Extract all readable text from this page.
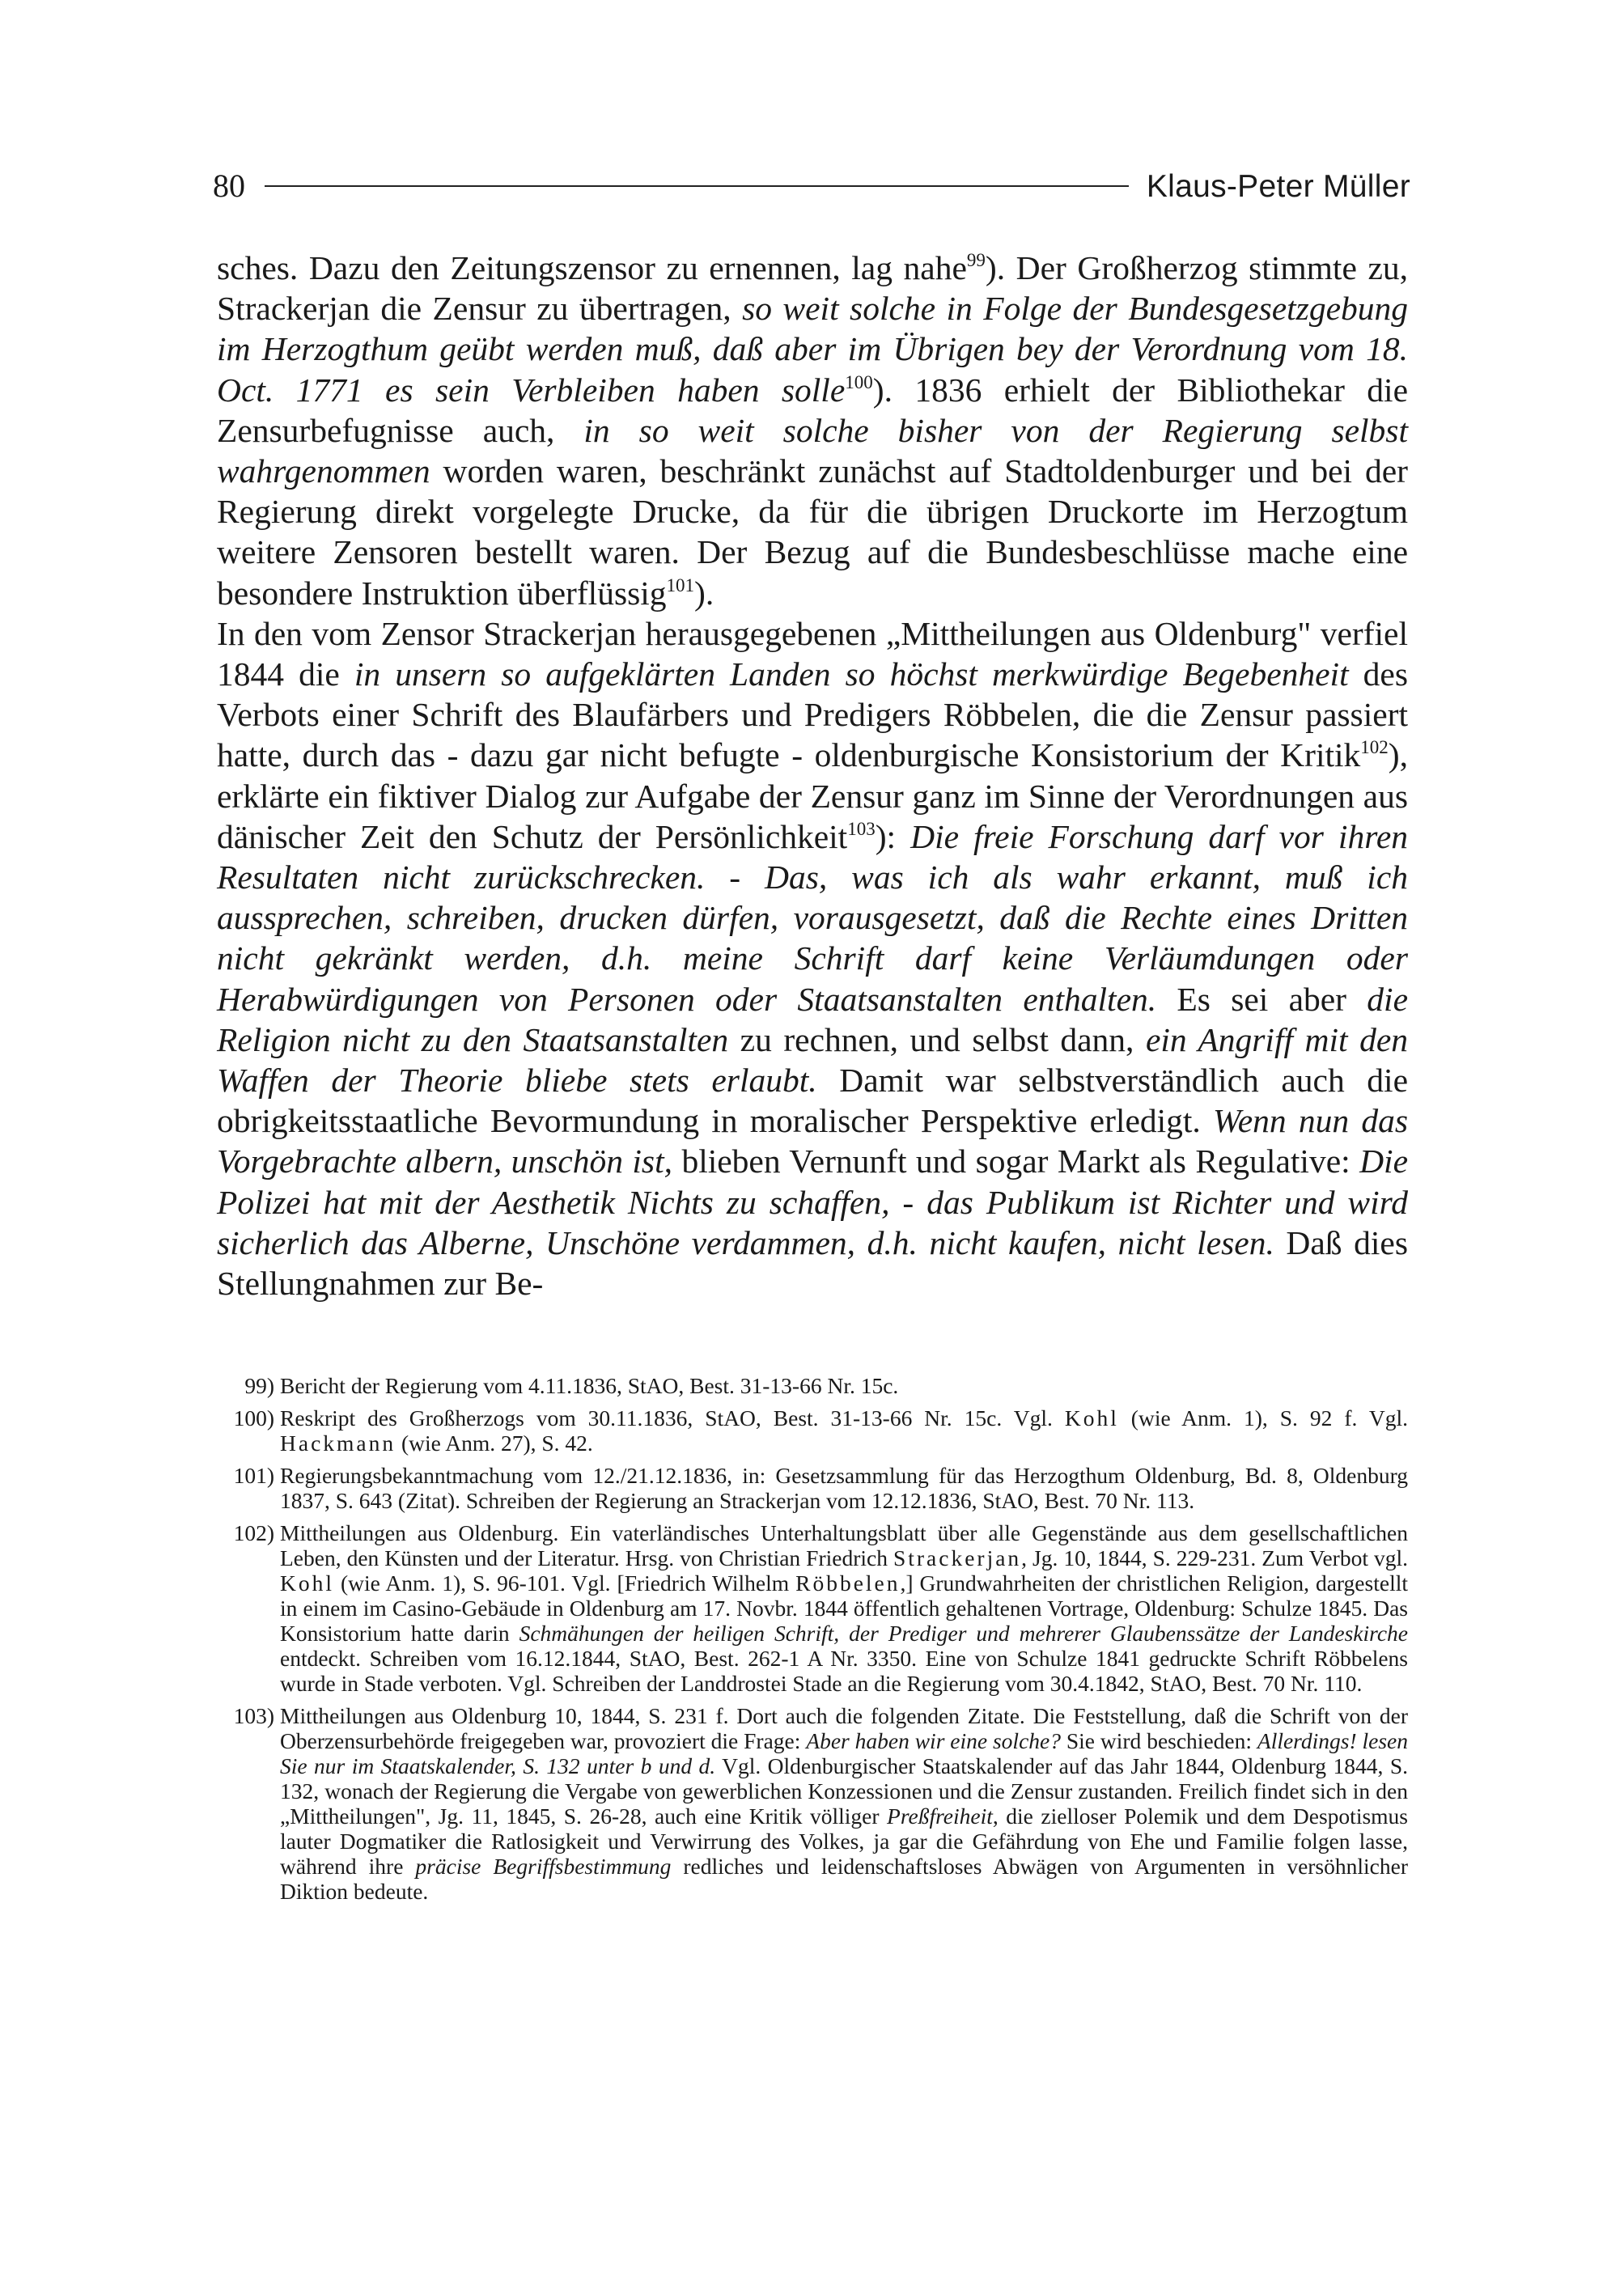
80	Klaus-Peter Müller

sches. Dazu den Zeitungszensor zu ernennen, lag nahe$^{99}$). Der Großherzog stimmte zu, Strackerjan die Zensur zu übertragen, so weit solche in Folge der Bundesgesetzgebung im Herzogthum geübt werden muß, daß aber im Übrigen bey der Verordnung vom 18. Oct. 1771 es sein Verbleiben haben solle$^{100}$). 1836 erhielt der Bibliothekar die Zensurbefugnisse auch, in so weit solche bisher von der Regierung selbst wahrgenommen worden waren, beschränkt zunächst auf Stadtoldenburger und bei der Regierung direkt vorgelegte Drucke, da für die übrigen Druckorte im Herzogtum weitere Zensoren bestellt waren. Der Bezug auf die Bundesbeschlüsse mache eine besondere Instruktion überflüssig$^{101}$).

In den vom Zensor Strackerjan herausgegebenen „Mittheilungen aus Oldenburg" verfiel 1844 die in unsern so aufgeklärten Landen so höchst merkwürdige Begebenheit des Verbots einer Schrift des Blaufärbers und Predigers Röbbelen, die die Zensur passiert hatte, durch das - dazu gar nicht befugte - oldenburgische Konsistorium der Kritik$^{102}$), erklärte ein fiktiver Dialog zur Aufgabe der Zensur ganz im Sinne der Verordnungen aus dänischer Zeit den Schutz der Persönlichkeit$^{103}$): Die freie Forschung darf vor ihren Resultaten nicht zurückschrecken. - Das, was ich als wahr erkannt, muß ich aussprechen, schreiben, drucken dürfen, vorausgesetzt, daß die Rechte eines Dritten nicht gekränkt werden, d.h. meine Schrift darf keine Verläumdungen oder Herabwürdigungen von Personen oder Staatsanstalten enthalten. Es sei aber die Religion nicht zu den Staatsanstalten zu rechnen, und selbst dann, ein Angriff mit den Waffen der Theorie bliebe stets erlaubt. Damit war selbstverständlich auch die obrigkeitsstaatliche Bevormundung in moralischer Perspektive erledigt. Wenn nun das Vorgebrachte albern, unschön ist, blieben Vernunft und sogar Markt als Regulative: Die Polizei hat mit der Aesthetik Nichts zu schaffen, - das Publikum ist Richter und wird sicherlich das Alberne, Unschöne verdammen, d.h. nicht kaufen, nicht lesen. Daß dies Stellungnahmen zur Be-

99) Bericht der Regierung vom 4.11.1836, StAO, Best. 31-13-66 Nr. 15c.
100) Reskript des Großherzogs vom 30.11.1836, StAO, Best. 31-13-66 Nr. 15c. Vgl. Kohl (wie Anm. 1), S. 92 f. Vgl. Hackmann (wie Anm. 27), S. 42.
101) Regierungsbekanntmachung vom 12./21.12.1836, in: Gesetzsammlung für das Herzogthum Oldenburg, Bd. 8, Oldenburg 1837, S. 643 (Zitat). Schreiben der Regierung an Strackerjan vom 12.12.1836, StAO, Best. 70 Nr. 113.
102) Mittheilungen aus Oldenburg. Ein vaterländisches Unterhaltungsblatt über alle Gegenstände aus dem gesellschaftlichen Leben, den Künsten und der Literatur. Hrsg. von Christian Friedrich Strackerjan, Jg. 10, 1844, S. 229-231. Zum Verbot vgl. Kohl (wie Anm. 1), S. 96-101. Vgl. [Friedrich Wilhelm Röbbelen,] Grundwahrheiten der christlichen Religion, dargestellt in einem im Casino-Gebäude in Oldenburg am 17. Novbr. 1844 öffentlich gehaltenen Vortrage, Oldenburg: Schulze 1845. Das Konsistorium hatte darin Schmähungen der heiligen Schrift, der Prediger und mehrerer Glaubenssätze der Landeskirche entdeckt. Schreiben vom 16.12.1844, StAO, Best. 262-1 A Nr. 3350. Eine von Schulze 1841 gedruckte Schrift Röbbelens wurde in Stade verboten. Vgl. Schreiben der Landdrostei Stade an die Regierung vom 30.4.1842, StAO, Best. 70 Nr. 110.
103) Mittheilungen aus Oldenburg 10, 1844, S. 231 f. Dort auch die folgenden Zitate. Die Feststellung, daß die Schrift von der Oberzensurbehörde freigegeben war, provoziert die Frage: Aber haben wir eine solche? Sie wird beschieden: Allerdings! lesen Sie nur im Staatskalender, S. 132 unter b und d. Vgl. Oldenburgischer Staatskalender auf das Jahr 1844, Oldenburg 1844, S. 132, wonach der Regierung die Vergabe von gewerblichen Konzessionen und die Zensur zustanden. Freilich findet sich in den „Mittheilungen", Jg. 11, 1845, S. 26-28, auch eine Kritik völliger Preßfreiheit, die zielloser Polemik und dem Despotismus lauter Dogmatiker die Ratlosigkeit und Verwirrung des Volkes, ja gar die Gefährdung von Ehe und Familie folgen lasse, während ihre präcise Begriffsbestimmung redliches und leidenschaftsloses Abwägen von Argumenten in versöhnlicher Diktion bedeute.
